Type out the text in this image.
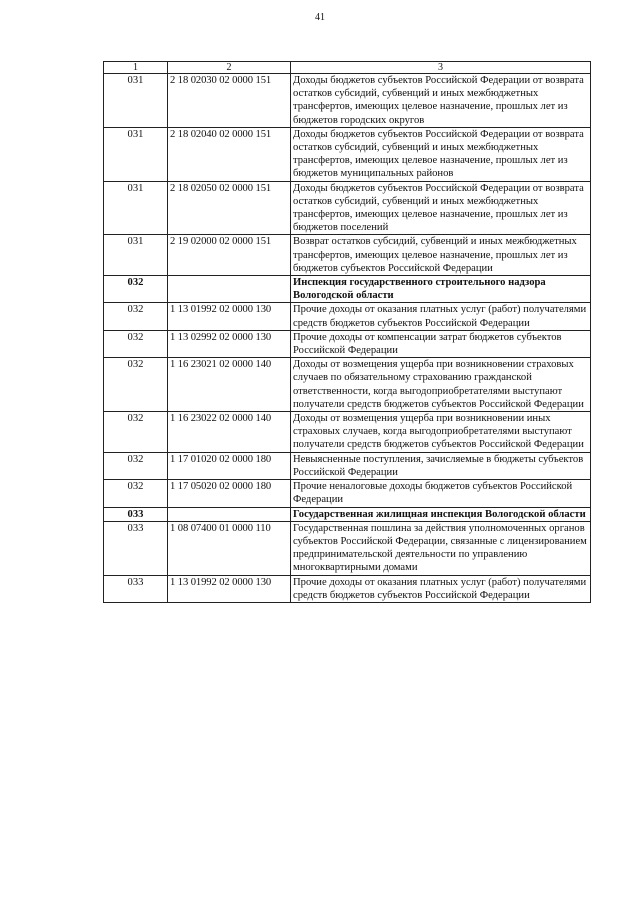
41
1	2	3
031	2 18 02030 02 0000 151	Доходы бюджетов субъектов Российской Федерации от возврата остатков субсидий, субвенций и иных межбюджетных трансфертов, имеющих целевое назначение, прошлых лет из бюджетов городских округов
031	2 18 02040 02 0000 151	Доходы бюджетов субъектов Российской Федерации от возврата остатков субсидий, субвенций и иных межбюджетных трансфертов, имеющих целевое назначение, прошлых лет из бюджетов муниципальных районов
031	2 18 02050 02 0000 151	Доходы бюджетов субъектов Российской Федерации от возврата остатков субсидий, субвенций и иных межбюджетных трансфертов, имеющих целевое назначение, прошлых лет из бюджетов поселений
031	2 19 02000 02 0000 151	Возврат остатков субсидий, субвенций и иных межбюджетных трансфертов, имеющих целевое назначение, прошлых лет из бюджетов субъектов Российской Федерации
032		Инспекция государственного строительного надзора Вологодской области
032	1 13 01992 02 0000 130	Прочие доходы от оказания платных услуг (работ) получателями средств бюджетов субъектов Российской Федерации
032	1 13 02992 02 0000 130	Прочие доходы от компенсации затрат бюджетов субъектов Российской Федерации
032	1 16 23021 02 0000 140	Доходы от возмещения ущерба при возникновении страховых случаев по обязательному страхованию гражданской ответственности, когда выгодоприобретателями выступают получатели средств бюджетов субъектов Российской Федерации
032	1 16 23022 02 0000 140	Доходы от возмещения ущерба при возникновении иных страховых случаев, когда выгодоприобретателями выступают получатели средств бюджетов субъектов Российской Федерации
032	1 17 01020 02 0000 180	Невыясненные поступления, зачисляемые в бюджеты субъектов Российской Федерации
032	1 17 05020 02 0000 180	Прочие неналоговые доходы бюджетов субъектов Российской Федерации
033		Государственная жилищная инспекция Вологодской области
033	1 08 07400 01 0000 110	Государственная пошлина за действия уполномоченных органов субъектов Российской Федерации, связанные с лицензированием предпринимательской деятельности по управлению многоквартирными домами
033	1 13 01992 02 0000 130	Прочие доходы от оказания платных услуг (работ) получателями средств бюджетов субъектов Российской Федерации
